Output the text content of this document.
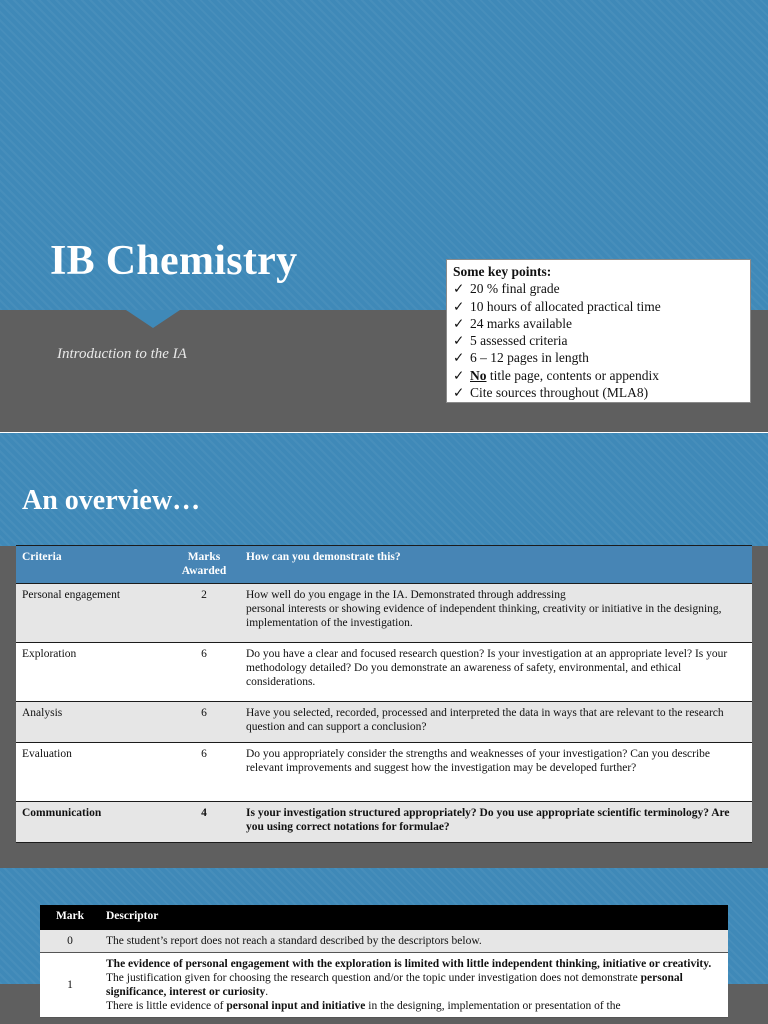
IB Chemistry
Introduction to the IA
Some key points:
✓ 20 % final grade
✓ 10 hours of allocated practical time
✓ 24 marks available
✓ 5 assessed criteria
✓ 6 – 12 pages in length
✓ No title page, contents or appendix
✓ Cite sources throughout (MLA8)
An overview…
Criteria	Marks Awarded	How can you demonstrate this?
Personal engagement	2	How well do you engage in the IA. Demonstrated through addressing
personal interests or showing evidence of independent thinking, creativity or initiative in the designing, implementation of the investigation.
Exploration	6	Do you have a clear and focused research question? Is your investigation at an appropriate level? Is your methodology detailed? Do you demonstrate an awareness of safety, environmental, and ethical considerations.
Analysis	6	Have you selected, recorded, processed and interpreted the data in ways that are relevant to the research question and can support a conclusion?
Evaluation	6	Do you appropriately consider the strengths and weaknesses of your investigation? Can you describe relevant improvements and suggest how the investigation may be developed further?
Communication	4	Is your investigation structured appropriately? Do you use appropriate scientific terminology? Are you using correct notations for formulae?
Mark	Descriptor
0	The student’s report does not reach a standard described by the descriptors below.
1	The evidence of personal engagement with the exploration is limited with little independent thinking, initiative or creativity.
The justification given for choosing the research question and/or the topic under investigation does not demonstrate personal significance, interest or curiosity.
There is little evidence of personal input and initiative in the designing, implementation or presentation of the
